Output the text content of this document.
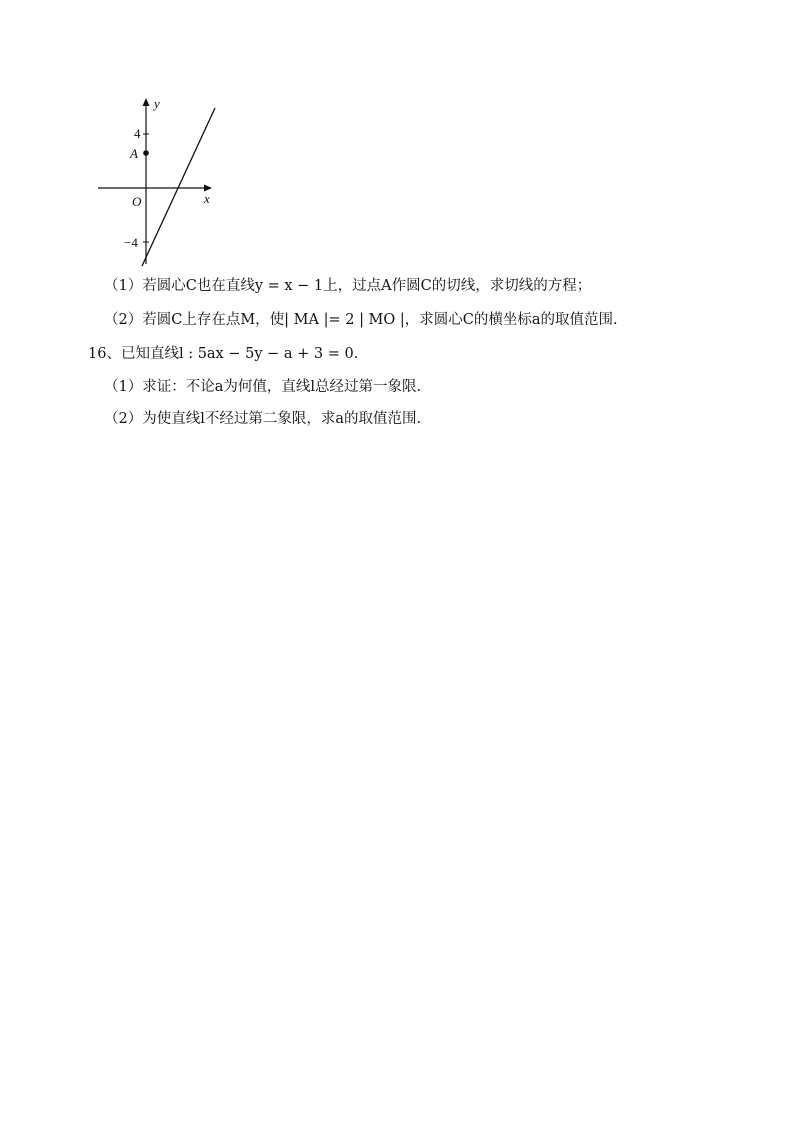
y
x
O
A
4
−4
（1）若圆心C也在直线y = x − 1上，过点A作圆C的切线，求切线的方程；
（2）若圆C上存在点M，使| MA |= 2 | MO |，求圆心C的横坐标a的取值范围.
16、已知直线l : 5ax − 5y − a + 3 = 0.
（1）求证：不论a为何值，直线l总经过第一象限.
（2）为使直线l不经过第二象限，求a的取值范围.
